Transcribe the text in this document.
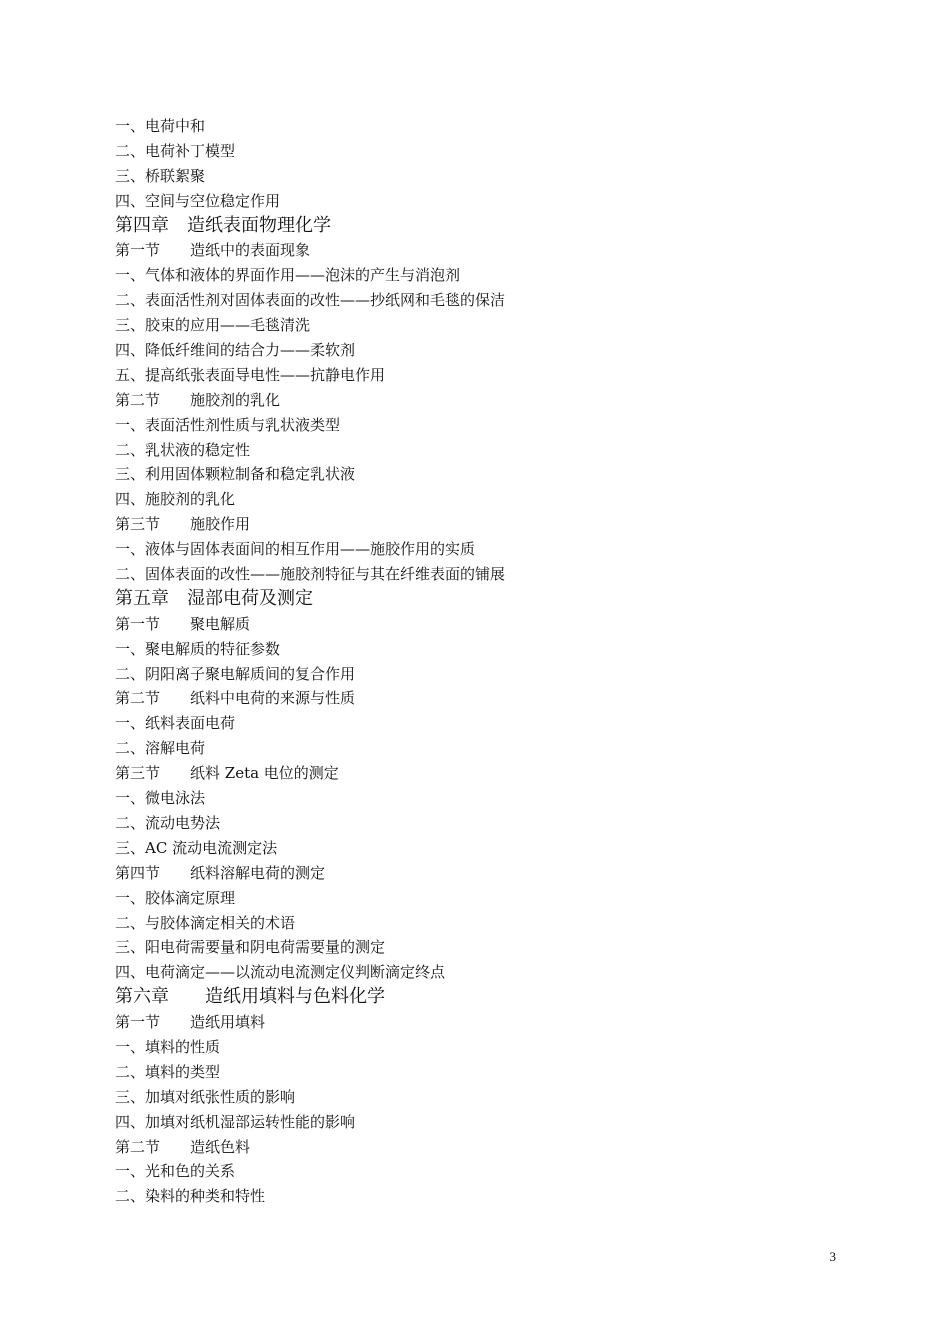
一、电荷中和
二、电荷补丁模型
三、桥联絮聚
四、空间与空位稳定作用
第四章　造纸表面物理化学
第一节　　造纸中的表面现象
一、气体和液体的界面作用——泡沫的产生与消泡剂
二、表面活性剂对固体表面的改性——抄纸网和毛毯的保洁
三、胶束的应用——毛毯清洗
四、降低纤维间的结合力——柔软剂
五、提高纸张表面导电性——抗静电作用
第二节　　施胶剂的乳化
一、表面活性剂性质与乳状液类型
二、乳状液的稳定性
三、利用固体颗粒制备和稳定乳状液
四、施胶剂的乳化
第三节　　施胶作用
一、液体与固体表面间的相互作用——施胶作用的实质
二、固体表面的改性——施胶剂特征与其在纤维表面的铺展
第五章　湿部电荷及测定
第一节　　聚电解质
一、聚电解质的特征参数
二、阴阳离子聚电解质间的复合作用
第二节　　纸料中电荷的来源与性质
一、纸料表面电荷
二、溶解电荷
第三节　　纸料 Zeta 电位的测定
一、微电泳法
二、流动电势法
三、AC 流动电流测定法
第四节　　纸料溶解电荷的测定
一、胶体滴定原理
二、与胶体滴定相关的术语
三、阳电荷需要量和阴电荷需要量的测定
四、电荷滴定——以流动电流测定仪判断滴定终点
第六章　　造纸用填料与色料化学
第一节　　造纸用填料
一、填料的性质
二、填料的类型
三、加填对纸张性质的影响
四、加填对纸机湿部运转性能的影响
第二节　　造纸色料
一、光和色的关系
二、染料的种类和特性
3
